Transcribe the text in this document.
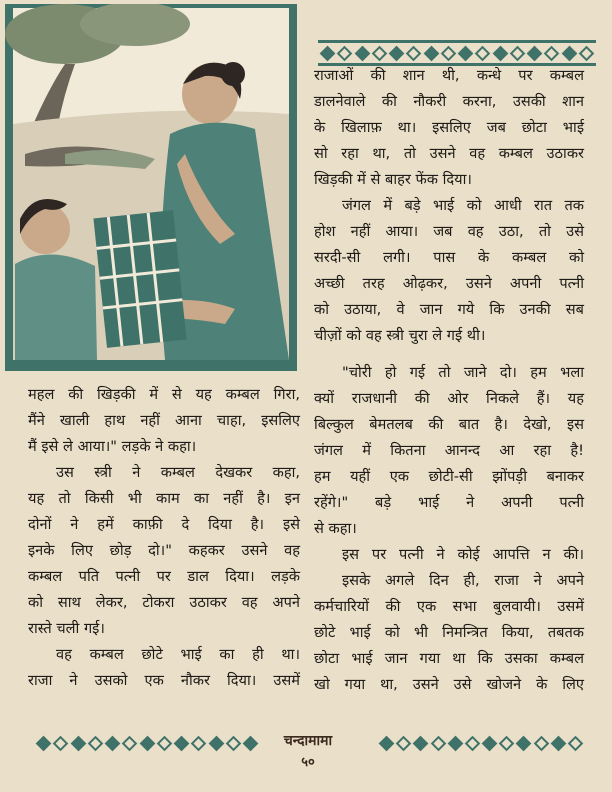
राजाओं की शान थी, कन्धे पर कम्बल
डालनेवाले की नौकरी करना, उसकी शान
के खिलाफ़ था। इसलिए जब छोटा भाई
सो रहा था, तो उसने वह कम्बल उठाकर
खिड़की में से बाहर फेंक दिया।
जंगल में बड़े भाई को आधी रात तक
होश नहीं आया। जब वह उठा, तो उसे
सरदी-सी लगी। पास के कम्बल को
अच्छी तरह ओढ़कर, उसने अपनी पत्नी
को उठाया, वे जान गये कि उनकी सब
चीज़ों को वह स्त्री चुरा ले गई थी।
महल की खिड़की में से यह कम्बल गिरा,
मैंने खाली हाथ नहीं आना चाहा, इसलिए
मैं इसे ले आया।" लड़के ने कहा।
उस स्त्री ने कम्बल देखकर कहा,
यह तो किसी भी काम का नहीं है। इन
दोनों ने हमें काफ़ी दे दिया है। इसे
इनके लिए छोड़ दो।" कहकर उसने वह
कम्बल पति पत्नी पर डाल दिया। लड़के
को साथ लेकर, टोकरा उठाकर वह अपने
रास्ते चली गई।
वह कम्बल छोटे भाई का ही था।
राजा ने उसको एक नौकर दिया। उसमें
"चोरी हो गई तो जाने दो। हम भला
क्यों राजधानी की ओर निकले हैं। यह
बिल्कुल बेमतलब की बात है। देखो, इस
जंगल में कितना आनन्द आ रहा है!
हम यहीं एक छोटी-सी झोंपड़ी बनाकर
रहेंगे।" बड़े भाई ने अपनी पत्नी
से कहा।
इस पर पत्नी ने कोई आपत्ति न की।
इसके अगले दिन ही, राजा ने अपने
कर्मचारियों की एक सभा बुलवायी। उसमें
छोटे भाई को भी निमन्त्रित किया, तबतक
छोटा भाई जान गया था कि उसका कम्बल
खो गया था, उसने उसे खोजने के लिए
चन्दामामा
५०
